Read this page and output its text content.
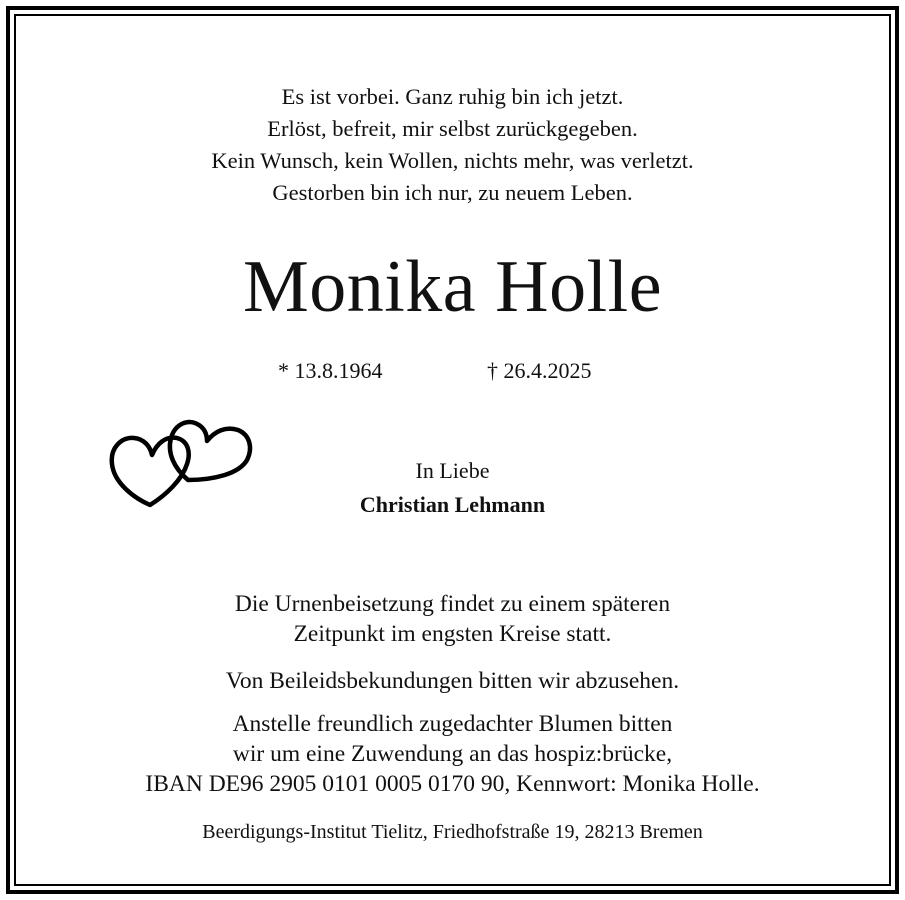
Es ist vorbei. Ganz ruhig bin ich jetzt.
Erlöst, befreit, mir selbst zurückgegeben.
Kein Wunsch, kein Wollen, nichts mehr, was verletzt.
Gestorben bin ich nur, zu neuem Leben.
Monika Holle
* 13.8.1964	† 26.4.2025
In Liebe
Christian Lehmann
Die Urnenbeisetzung findet zu einem späteren
Zeitpunkt im engsten Kreise statt.
Von Beileidsbekundungen bitten wir abzusehen.
Anstelle freundlich zugedachter Blumen bitten
wir um eine Zuwendung an das hospiz:brücke,
IBAN DE96 2905 0101 0005 0170 90, Kennwort: Monika Holle.
Beerdigungs-Institut Tielitz, Friedhofstraße 19, 28213 Bremen
